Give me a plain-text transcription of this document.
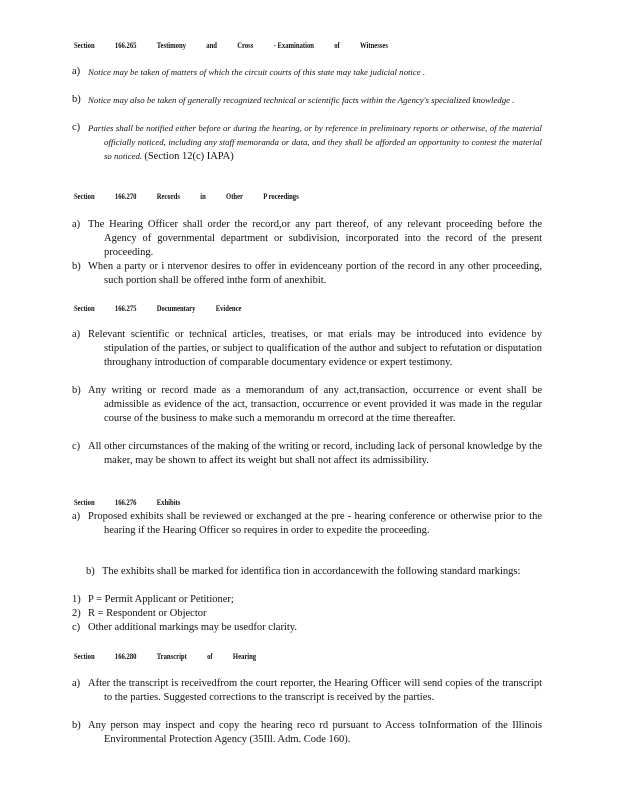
Section 166.265 Testimony and Cross - Examination of Witnesses
a) Notice may be taken of matters of which the circuit courts of this state may take judicial notice .
b) Notice may also be taken of generally recognized technical or scientific facts within the Agency's specialized knowledge .
c) Parties shall be notified either before or during the hearing, or by reference in preliminary reports or otherwise, of the material officially noticed, including any staff memoranda or data, and they shall be afforded an opportunity to contest the material so noticed. (Section 12(c) IAPA)
Section 166.270 Records in Other P roceedings
a) The Hearing Officer shall order the record,or any part thereof, of any relevant proceeding before the Agency of governmental department or subdivision, incorporated into the record of the present proceeding.
b) When a party or i ntervenor desires to offer in evidenceany portion of the record in any other proceeding, such portion shall be offered inthe form of anexhibit.
Section 166.275 Documentary Evidence
a) Relevant scientific or technical articles, treatises, or mat erials may be introduced into evidence by stipulation of the parties, or subject to qualification of the author and subject to refutation or disputation throughany introduction of comparable documentary evidence or expert testimony.
b) Any writing or record made as a memorandum of any act,transaction, occurrence or event shall be admissible as evidence of the act, transaction, occurrence or event provided it was made in the regular course of the business to make such a memorandu m orrecord at the time thereafter.
c) All other circumstances of the making of the writing or record, including lack of personal knowledge by the maker, may be shown to affect its weight but shall not affect its admissibility.
Section 166.276 Exhibits
a) Proposed exhibits shall be reviewed or exchanged at the pre - hearing conference or otherwise prior to the hearing if the Hearing Officer so requires in order to expedite the proceeding.
b) The exhibits shall be marked for identifica tion in accordancewith the following standard markings:
1) P = Permit Applicant or Petitioner;
2) R = Respondent or Objector
c) Other additional markings may be usedfor clarity.
Section 166.280 Transcript of Hearing
a) After the transcript is receivedfrom the court reporter, the Hearing Officer will send copies of the transcript to the parties. Suggested corrections to the transcript is received by the parties.
b) Any person may inspect and copy the hearing reco rd pursuant to Access toInformation of the Illinois Environmental Protection Agency (35Ill. Adm. Code 160).
